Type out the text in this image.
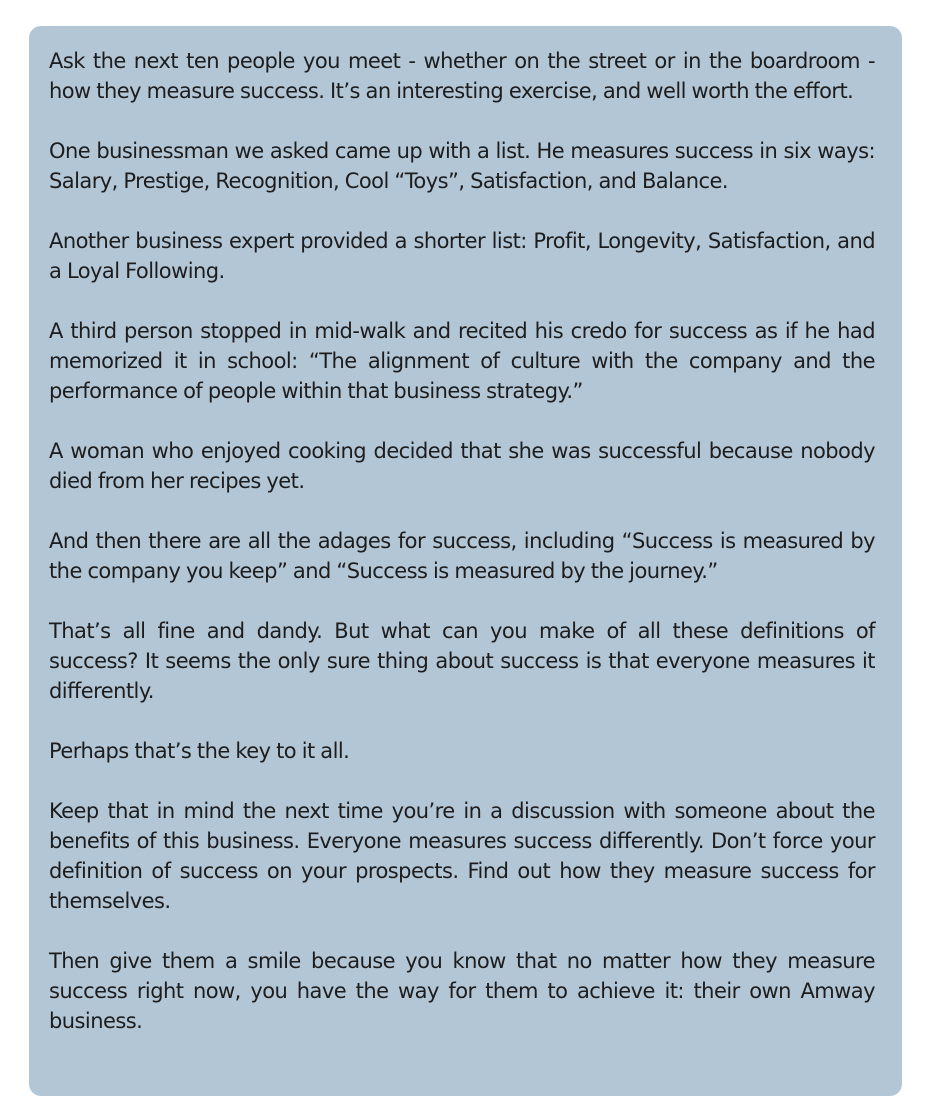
Ask the next ten people you meet - whether on the street or in the boardroom - how they measure success. It’s an interesting exercise, and well worth the effort.

One businessman we asked came up with a list. He measures success in six ways: Salary, Prestige, Recognition, Cool “Toys”, Satisfaction, and Balance.

Another business expert provided a shorter list: Profit, Longevity, Satisfaction, and a Loyal Following.

A third person stopped in mid-walk and recited his credo for success as if he had memorized it in school: “The alignment of culture with the company and the performance of people within that business strategy.”

A woman who enjoyed cooking decided that she was successful because nobody died from her recipes yet.

And then there are all the adages for success, including “Success is measured by the company you keep” and “Success is measured by the journey.”

That’s all fine and dandy. But what can you make of all these definitions of success? It seems the only sure thing about success is that everyone measures it differently.

Perhaps that’s the key to it all.

Keep that in mind the next time you’re in a discussion with someone about the benefits of this business. Everyone measures success differently. Don’t force your definition of success on your prospects. Find out how they measure success for themselves.

Then give them a smile because you know that no matter how they measure success right now, you have the way for them to achieve it: their own Amway business.
